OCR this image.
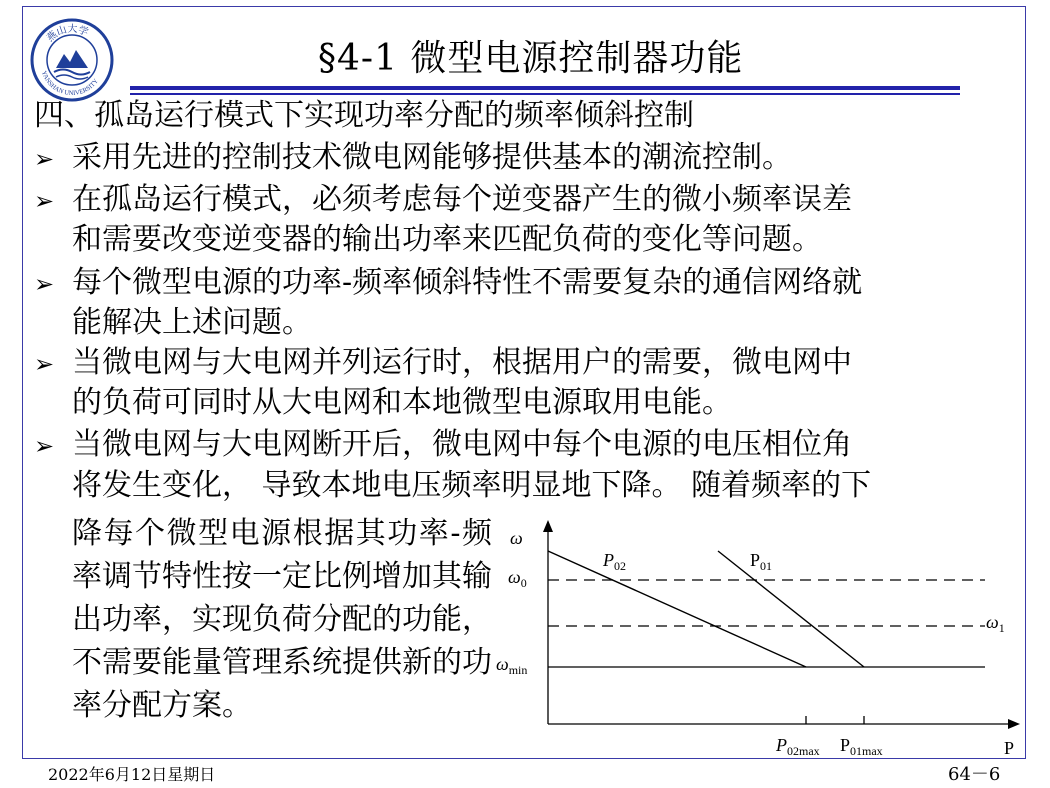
燕山大学
YANSHAN UNIVERSITY
§4-1 微型电源控制器功能
四、孤岛运行模式下实现功率分配的频率倾斜控制
➢ 采用先进的控制技术微电网能够提供基本的潮流控制。
➢ 在孤岛运行模式，必须考虑每个逆变器产生的微小频率误差
和需要改变逆变器的输出功率来匹配负荷的变化等问题。
➢ 每个微型电源的功率-频率倾斜特性不需要复杂的通信网络就
能解决上述问题。
➢ 当微电网与大电网并列运行时，根据用户的需要，微电网中
的负荷可同时从大电网和本地微型电源取用电能。
➢ 当微电网与大电网断开后，微电网中每个电源的电压相位角
将发生变化， 导致本地电压频率明显地下降。 随着频率的下
降每个微型电源根据其功率-频率调节特性按一定比例增加其输出功率，实现负荷分配的功能，不需要能量管理系统提供新的功率分配方案。
ω
P
$\omega_0$
$\omega_1$
$\omega_{min}$
$P_{02}$	$P_{01}$
$P_{02max}$ $P_{01max}$
2022年6月12日星期日	64－6
